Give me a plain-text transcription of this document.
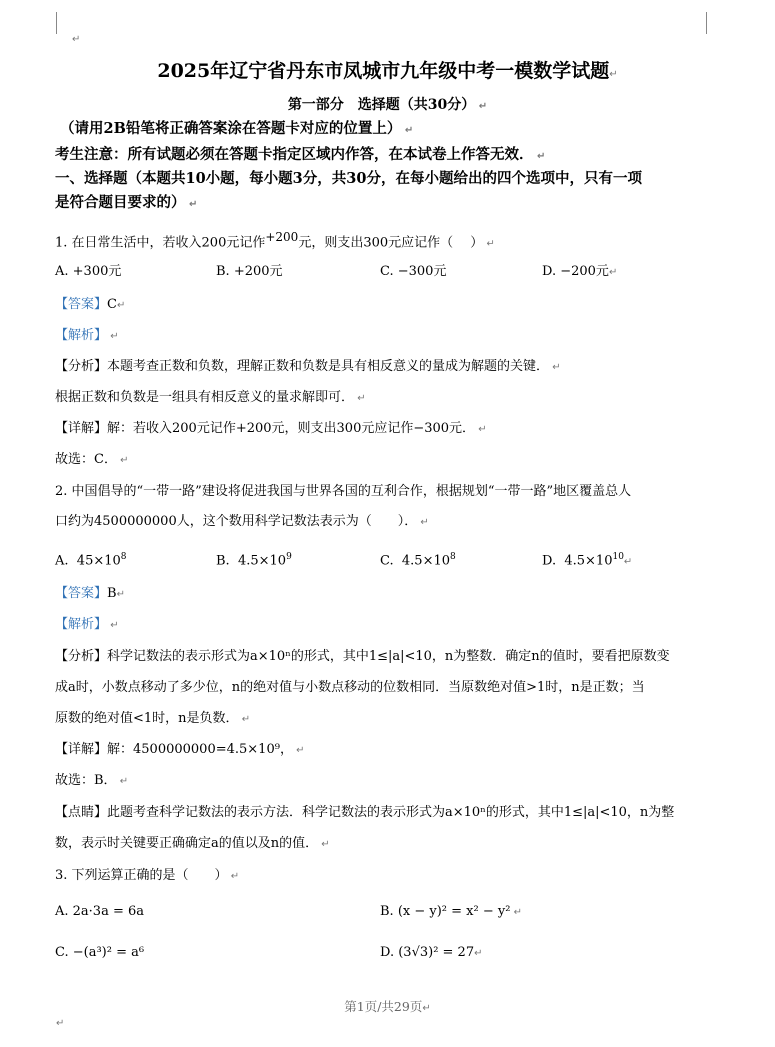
↵
2025年辽宁省丹东市凤城市九年级中考一模数学试题↵
第一部分　选择题（共30分） ↵
（请用2B铅笔将正确答案涂在答题卡对应的位置上） ↵
考生注意：所有试题必须在答题卡指定区域内作答，在本试卷上作答无效． ↵
一、选择题（本题共10小题，每小题3分，共30分，在每小题给出的四个选项中，只有一项
是符合题目要求的） ↵
1. 在日常生活中，若收入200元记作$^{+200}$元，则支出300元应记作（　 ） ↵
A. +300元	B. +200元	C. −300元	D. −200元↵
【答案】C↵
【解析】 ↵
【分析】本题考查正数和负数，理解正数和负数是具有相反意义的量成为解题的关键． ↵
根据正数和负数是一组具有相反意义的量求解即可． ↵
【详解】解：若收入200元记作+200元，则支出300元应记作−300元． ↵
故选：C． ↵
2. 中国倡导的“一带一路”建设将促进我国与世界各国的互利合作，根据规划“一带一路”地区覆盖总人
口约为4500000000人，这个数用科学记数法表示为（　　）． ↵
A. $45\times 10^8$	B. $4.5\times 10^9$	C. $4.5\times 10^8$	D. $4.5\times 10^{10}↵$
【答案】B↵
【解析】 ↵
【分析】科学记数法的表示形式为a×10ⁿ的形式，其中1≤|a|<10，n为整数．确定n的值时，要看把原数变
成a时，小数点移动了多少位，n的绝对值与小数点移动的位数相同．当原数绝对值>1时，n是正数；当
原数的绝对值<1时，n是负数． ↵
【详解】解：4500000000=4.5×10⁹， ↵
故选：B． ↵
【点睛】此题考查科学记数法的表示方法．科学记数法的表示形式为a×10ⁿ的形式，其中1≤|a|<10，n为整
数，表示时关键要正确确定a的值以及n的值． ↵
3. 下列运算正确的是（　　） ↵
A. 2a·3a = 6a	B. (x − y)² = x² − y² ↵
C. −(a³)² = a⁶	D. (3√3)² = 27↵
第1页/共29页↵
↵
